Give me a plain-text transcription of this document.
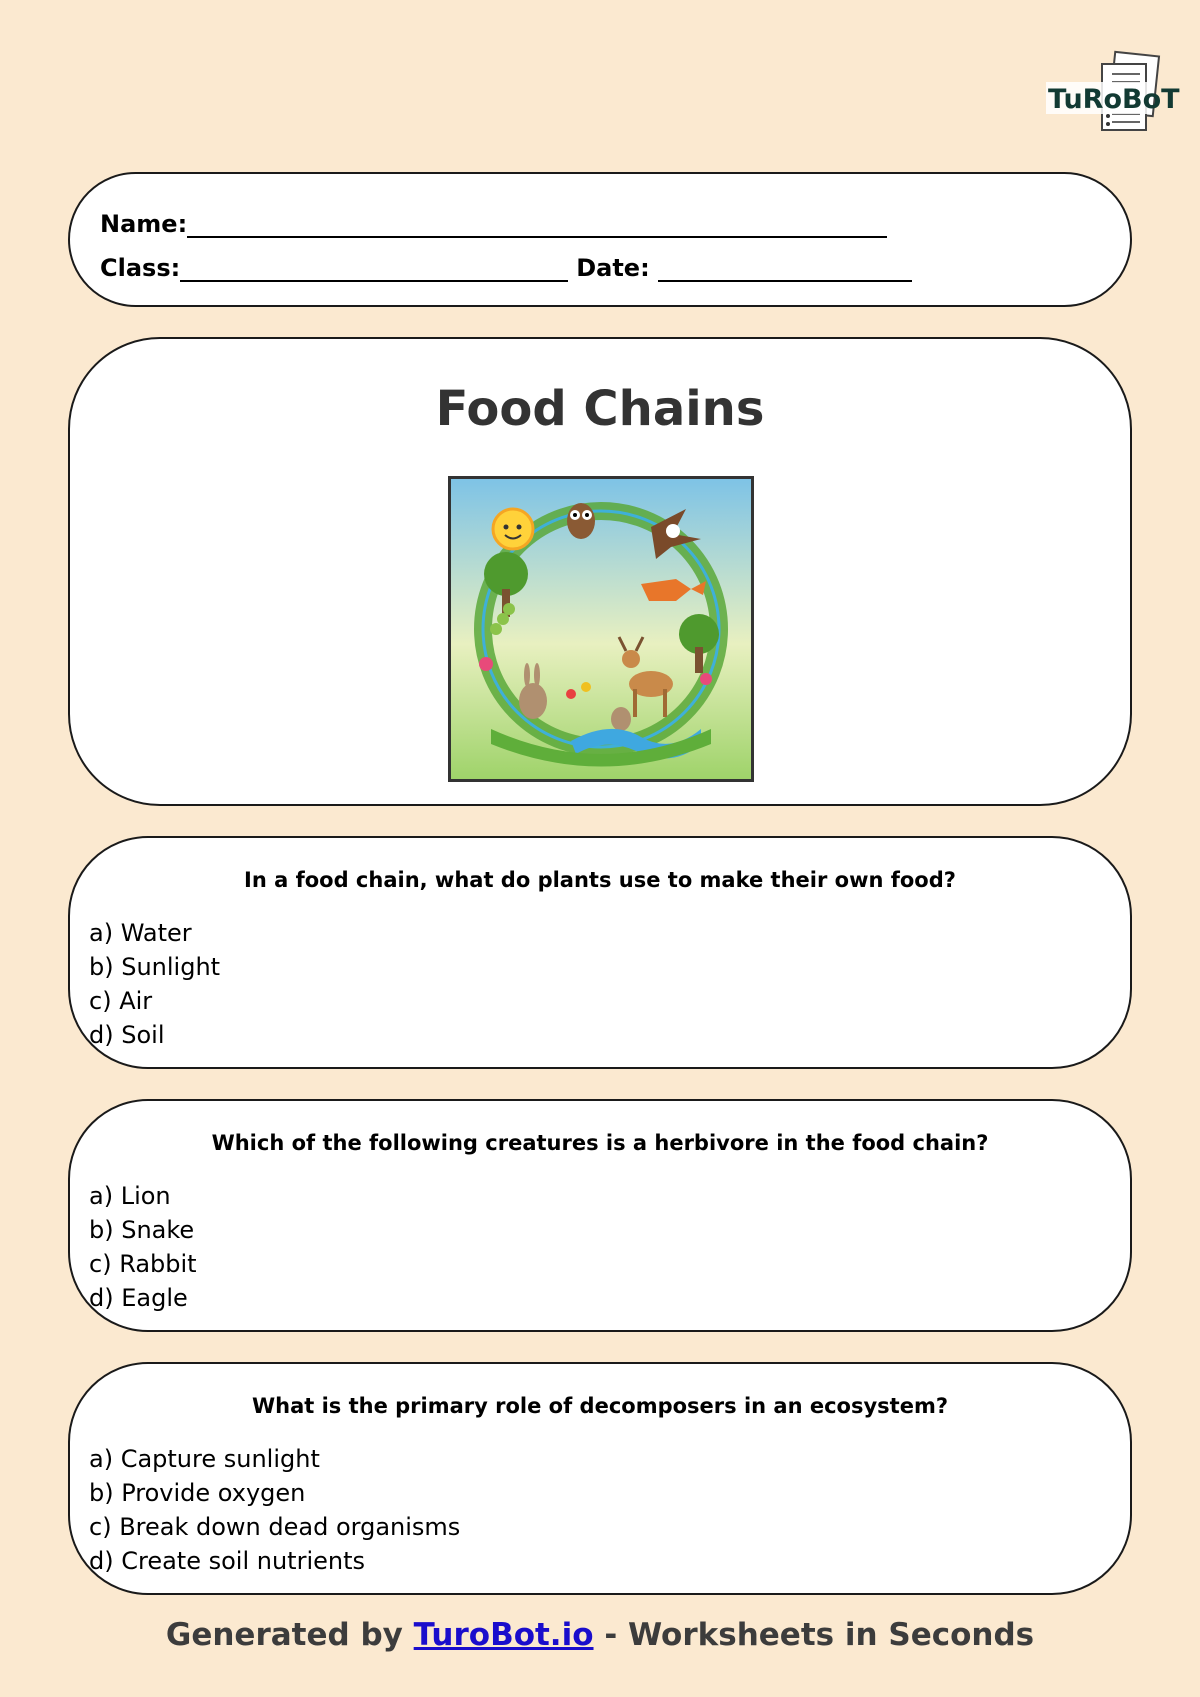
TuRoBoT
Name:
Class:	Date:
Food Chains
In a food chain, what do plants use to make their own food?
a) Water
b) Sunlight
c) Air
d) Soil
Which of the following creatures is a herbivore in the food chain?
a) Lion
b) Snake
c) Rabbit
d) Eagle
What is the primary role of decomposers in an ecosystem?
a) Capture sunlight
b) Provide oxygen
c) Break down dead organisms
d) Create soil nutrients
Generated by TuroBot.io - Worksheets in Seconds
